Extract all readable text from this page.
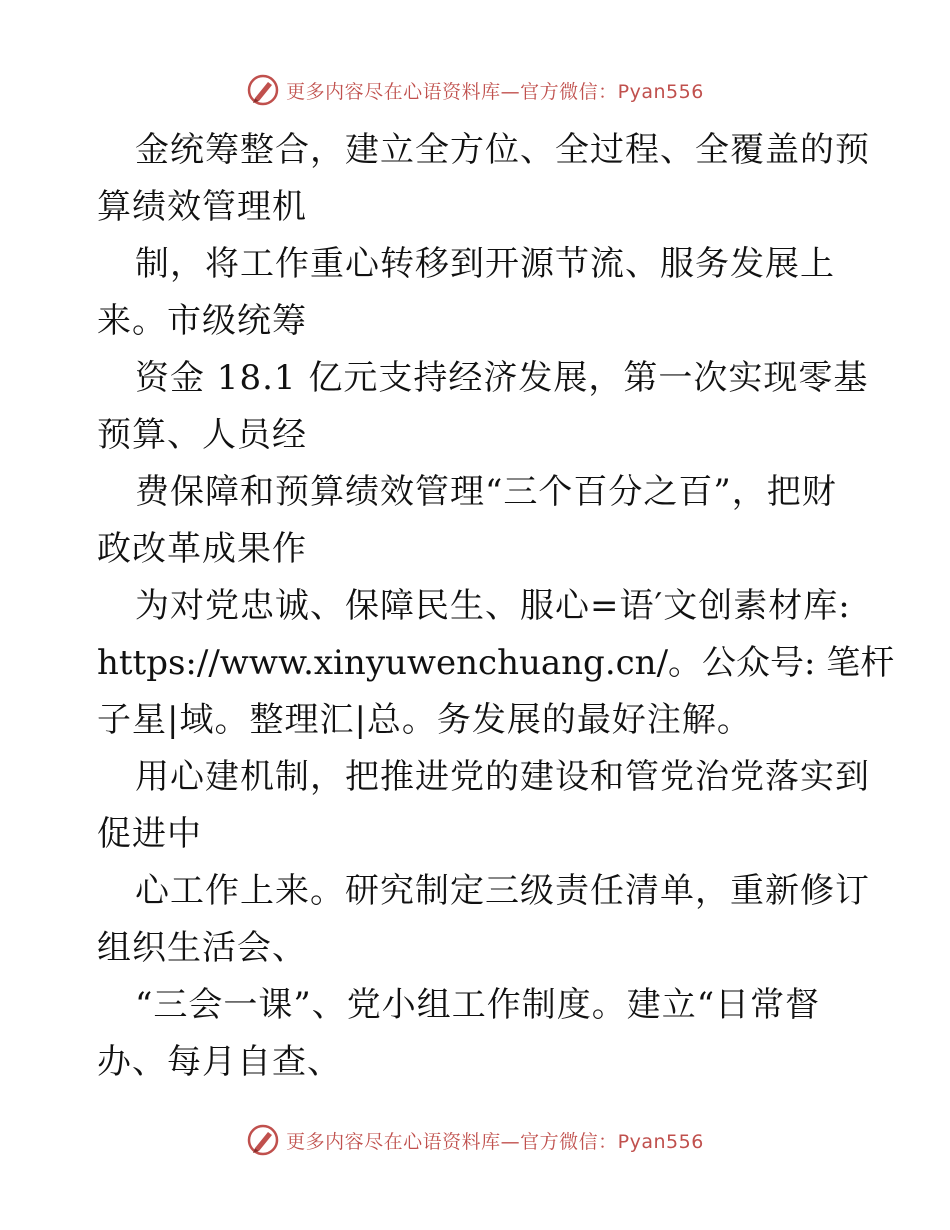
更多内容尽在心语资料库—官方微信：Pyan556
金统筹整合，建立全方位、全过程、全覆盖的预
算绩效管理机
制，将工作重心转移到开源节流、服务发展上
来。市级统筹
资金 18.1 亿元支持经济发展，第一次实现零基
预算、人员经
费保障和预算绩效管理“三个百分之百”，把财
政改革成果作
为对党忠诚、保障民生、服心=语′文创素材库:
https://www.xinyuwenchuang.cn/。公众号: 笔杆
子星|域。整理汇|总。务发展的最好注解。
用心建机制，把推进党的建设和管党治党落实到
促进中
心工作上来。研究制定三级责任清单，重新修订
组织生活会、
“三会一课”、党小组工作制度。建立“日常督
办、每月自查、
更多内容尽在心语资料库—官方微信：Pyan556
